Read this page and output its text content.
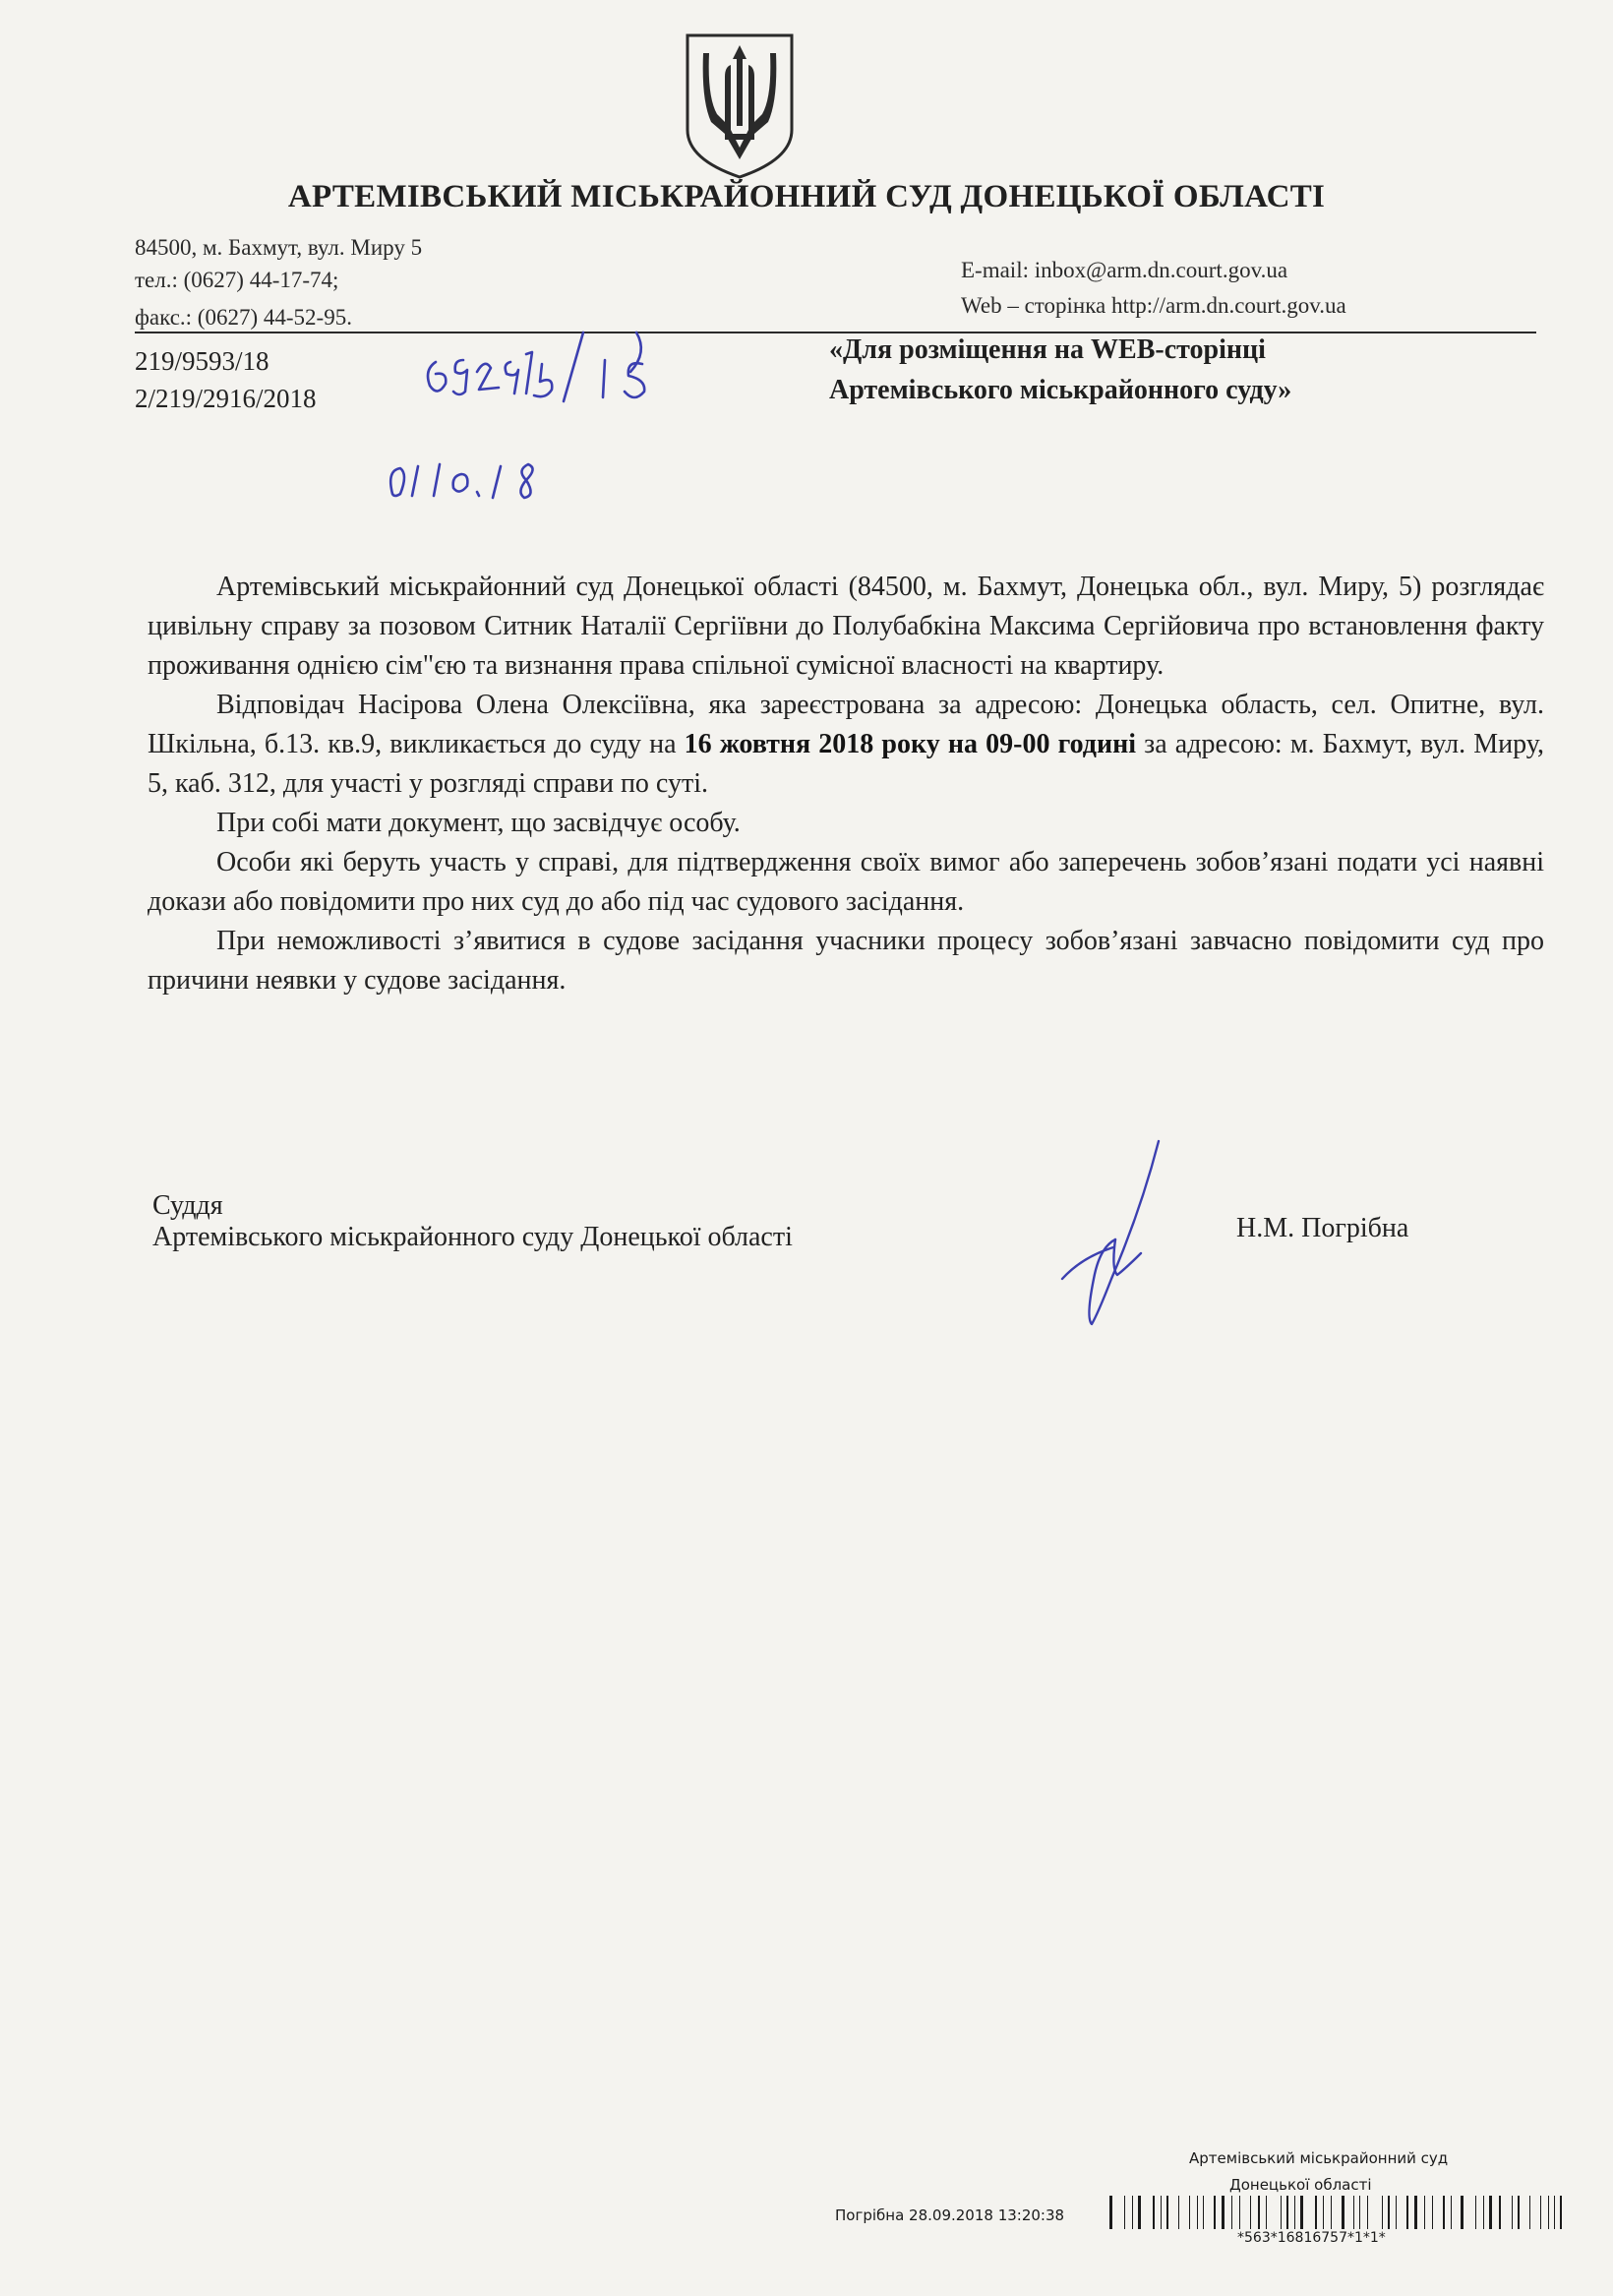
АРТЕМІВСЬКИЙ МІСЬКРАЙОННИЙ СУД ДОНЕЦЬКОЇ ОБЛАСТІ
84500, м. Бахмут, вул. Миру 5
тел.: (0627) 44-17-74;
факс.: (0627) 44-52-95.
E-mail: inbox@arm.dn.court.gov.ua
Web – сторінка http://arm.dn.court.gov.ua
219/9593/18
2/219/2916/2018
«Для розміщення на WEB-сторінці
Артемівського міськрайонного суду»

Артемівський міськрайонний суд Донецької області (84500, м. Бахмут, Донецька обл., вул. Миру, 5) розглядає цивільну справу за позовом Ситник Наталії Сергіївни до Полубабкіна Максима Сергійовича про встановлення факту проживання однією сім"єю та визнання права спільної сумісної власності на квартиру.

Відповідач Насірова Олена Олексіївна, яка зареєстрована за адресою: Донецька область, сел. Опитне, вул. Шкільна, б.13. кв.9, викликається до суду на 16 жовтня 2018 року на 09-00 годині за адресою: м. Бахмут, вул. Миру, 5, каб. 312, для участі у розгляді справи по суті.

При собі мати документ, що засвідчує особу.

Особи які беруть участь у справі, для підтвердження своїх вимог або заперечень зобов’язані подати усі наявні докази або повідомити про них суд до або під час судового засідання.

При неможливості з’явитися в судове засідання учасники процесу зобов’язані завчасно повідомити суд про причини неявки у судове засідання.

Суддя
Артемівського міськрайонного суду Донецької області	Н.М. Погрібна
Артемівський міськрайонний суд
Донецької області
Погрібна 28.09.2018 13:20:38
*563*16816757*1*1*
